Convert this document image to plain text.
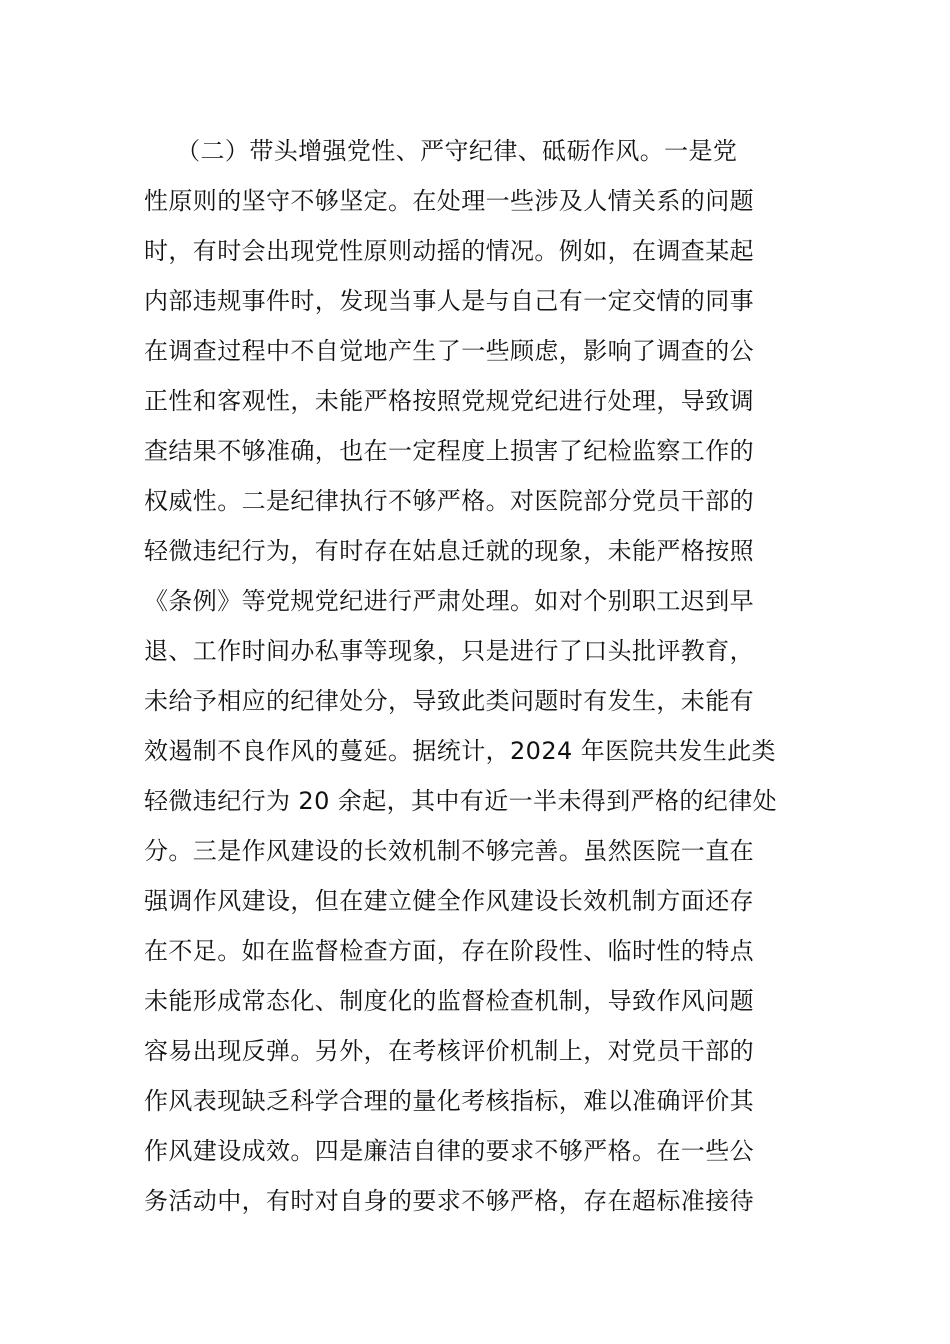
（二）带头增强党性、严守纪律、砥砺作风。一是党
性原则的坚守不够坚定。在处理一些涉及人情关系的问题
时，有时会出现党性原则动摇的情况。例如，在调查某起
内部违规事件时，发现当事人是与自己有一定交情的同事
在调查过程中不自觉地产生了一些顾虑，影响了调查的公
正性和客观性，未能严格按照党规党纪进行处理，导致调
查结果不够准确，也在一定程度上损害了纪检监察工作的
权威性。二是纪律执行不够严格。对医院部分党员干部的
轻微违纪行为，有时存在姑息迁就的现象，未能严格按照
《条例》等党规党纪进行严肃处理。如对个别职工迟到早
退、工作时间办私事等现象，只是进行了口头批评教育，
未给予相应的纪律处分，导致此类问题时有发生，未能有
效遏制不良作风的蔓延。据统计，2024 年医院共发生此类
轻微违纪行为 20 余起，其中有近一半未得到严格的纪律处
分。三是作风建设的长效机制不够完善。虽然医院一直在
强调作风建设，但在建立健全作风建设长效机制方面还存
在不足。如在监督检查方面，存在阶段性、临时性的特点
未能形成常态化、制度化的监督检查机制，导致作风问题
容易出现反弹。另外，在考核评价机制上，对党员干部的
作风表现缺乏科学合理的量化考核指标，难以准确评价其
作风建设成效。四是廉洁自律的要求不够严格。在一些公
务活动中，有时对自身的要求不够严格，存在超标准接待
